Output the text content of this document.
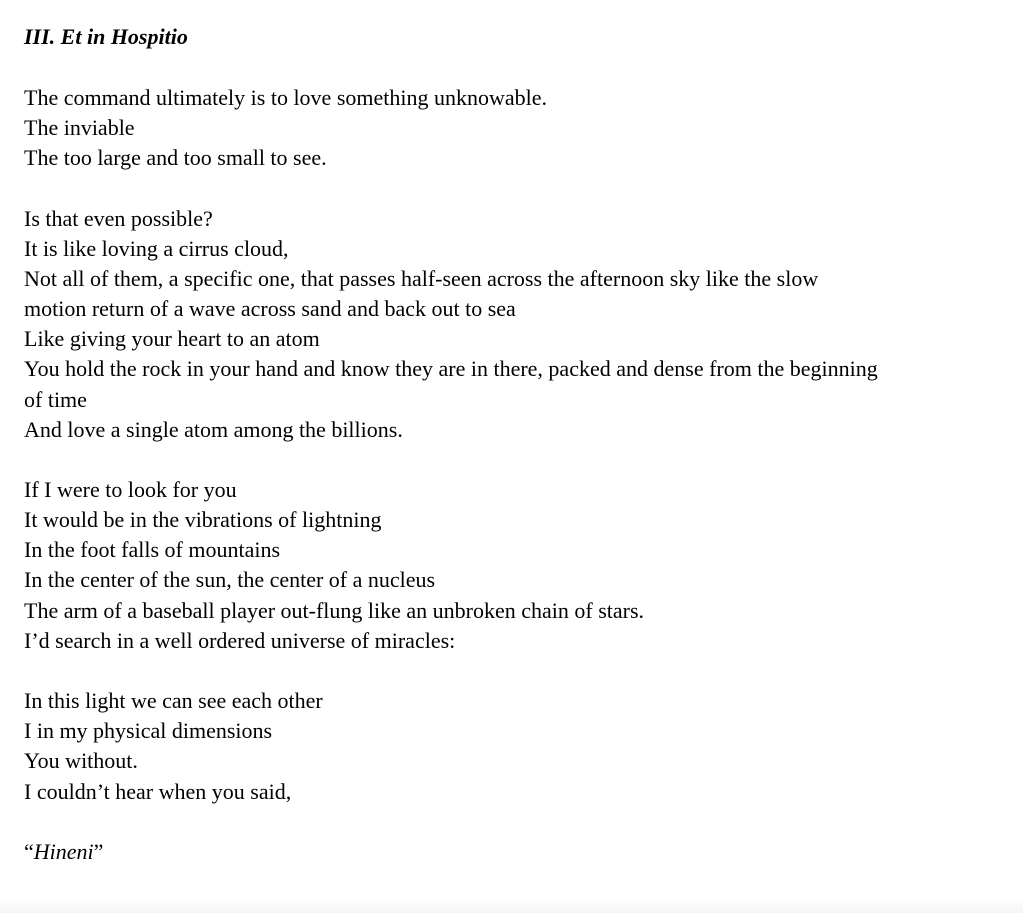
III. Et in Hospitio
The command ultimately is to love something unknowable.
The inviable
The too large and too small to see.
Is that even possible?
It is like loving a cirrus cloud,
Not all of them, a specific one, that passes half-seen across the afternoon sky like the slow
motion return of a wave across sand and back out to sea
Like giving your heart to an atom
You hold the rock in your hand and know they are in there, packed and dense from the beginning
of time
And love a single atom among the billions.
If I were to look for you
It would be in the vibrations of lightning
In the foot falls of mountains
In the center of the sun, the center of a nucleus
The arm of a baseball player out-flung like an unbroken chain of stars.
I’d search in a well ordered universe of miracles:
In this light we can see each other
I in my physical dimensions
You without.
I couldn’t hear when you said,
“Hineni”
